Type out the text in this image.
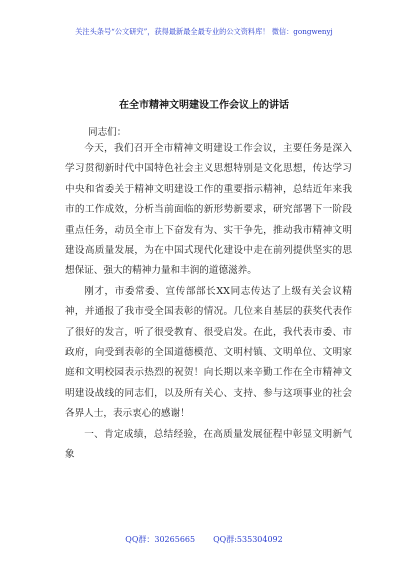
关注头条号“公文研究”，获得最新最全最专业的公文资料库！ 微信：gongwenyj
在全市精神文明建设工作会议上的讲话
同志们：

今天，我们召开全市精神文明建设工作会议，主要任务是深入学习贯彻新时代中国特色社会主义思想特别是文化思想，传达学习中央和省委关于精神文明建设工作的重要指示精神，总结近年来我市的工作成效，分析当前面临的新形势新要求，研究部署下一阶段重点任务，动员全市上下奋发有为、实干争先，推动我市精神文明建设高质量发展，为在中国式现代化建设中走在前列提供坚实的思想保证、强大的精神力量和丰润的道德滋养。

刚才，市委常委、宣传部部长XX同志传达了上级有关会议精神，并通报了我市受全国表彰的情况。几位来自基层的获奖代表作了很好的发言，听了很受教育、很受启发。在此，我代表市委、市政府，向受到表彰的全国道德模范、文明村镇、文明单位、文明家庭和文明校园表示热烈的祝贺！向长期以来辛勤工作在全市精神文明建设战线的同志们，以及所有关心、支持、参与这项事业的社会各界人士，表示衷心的感谢！

一、肯定成绩，总结经验，在高质量发展征程中彰显文明新气象

QQ群：30265665 QQ群:535304092
